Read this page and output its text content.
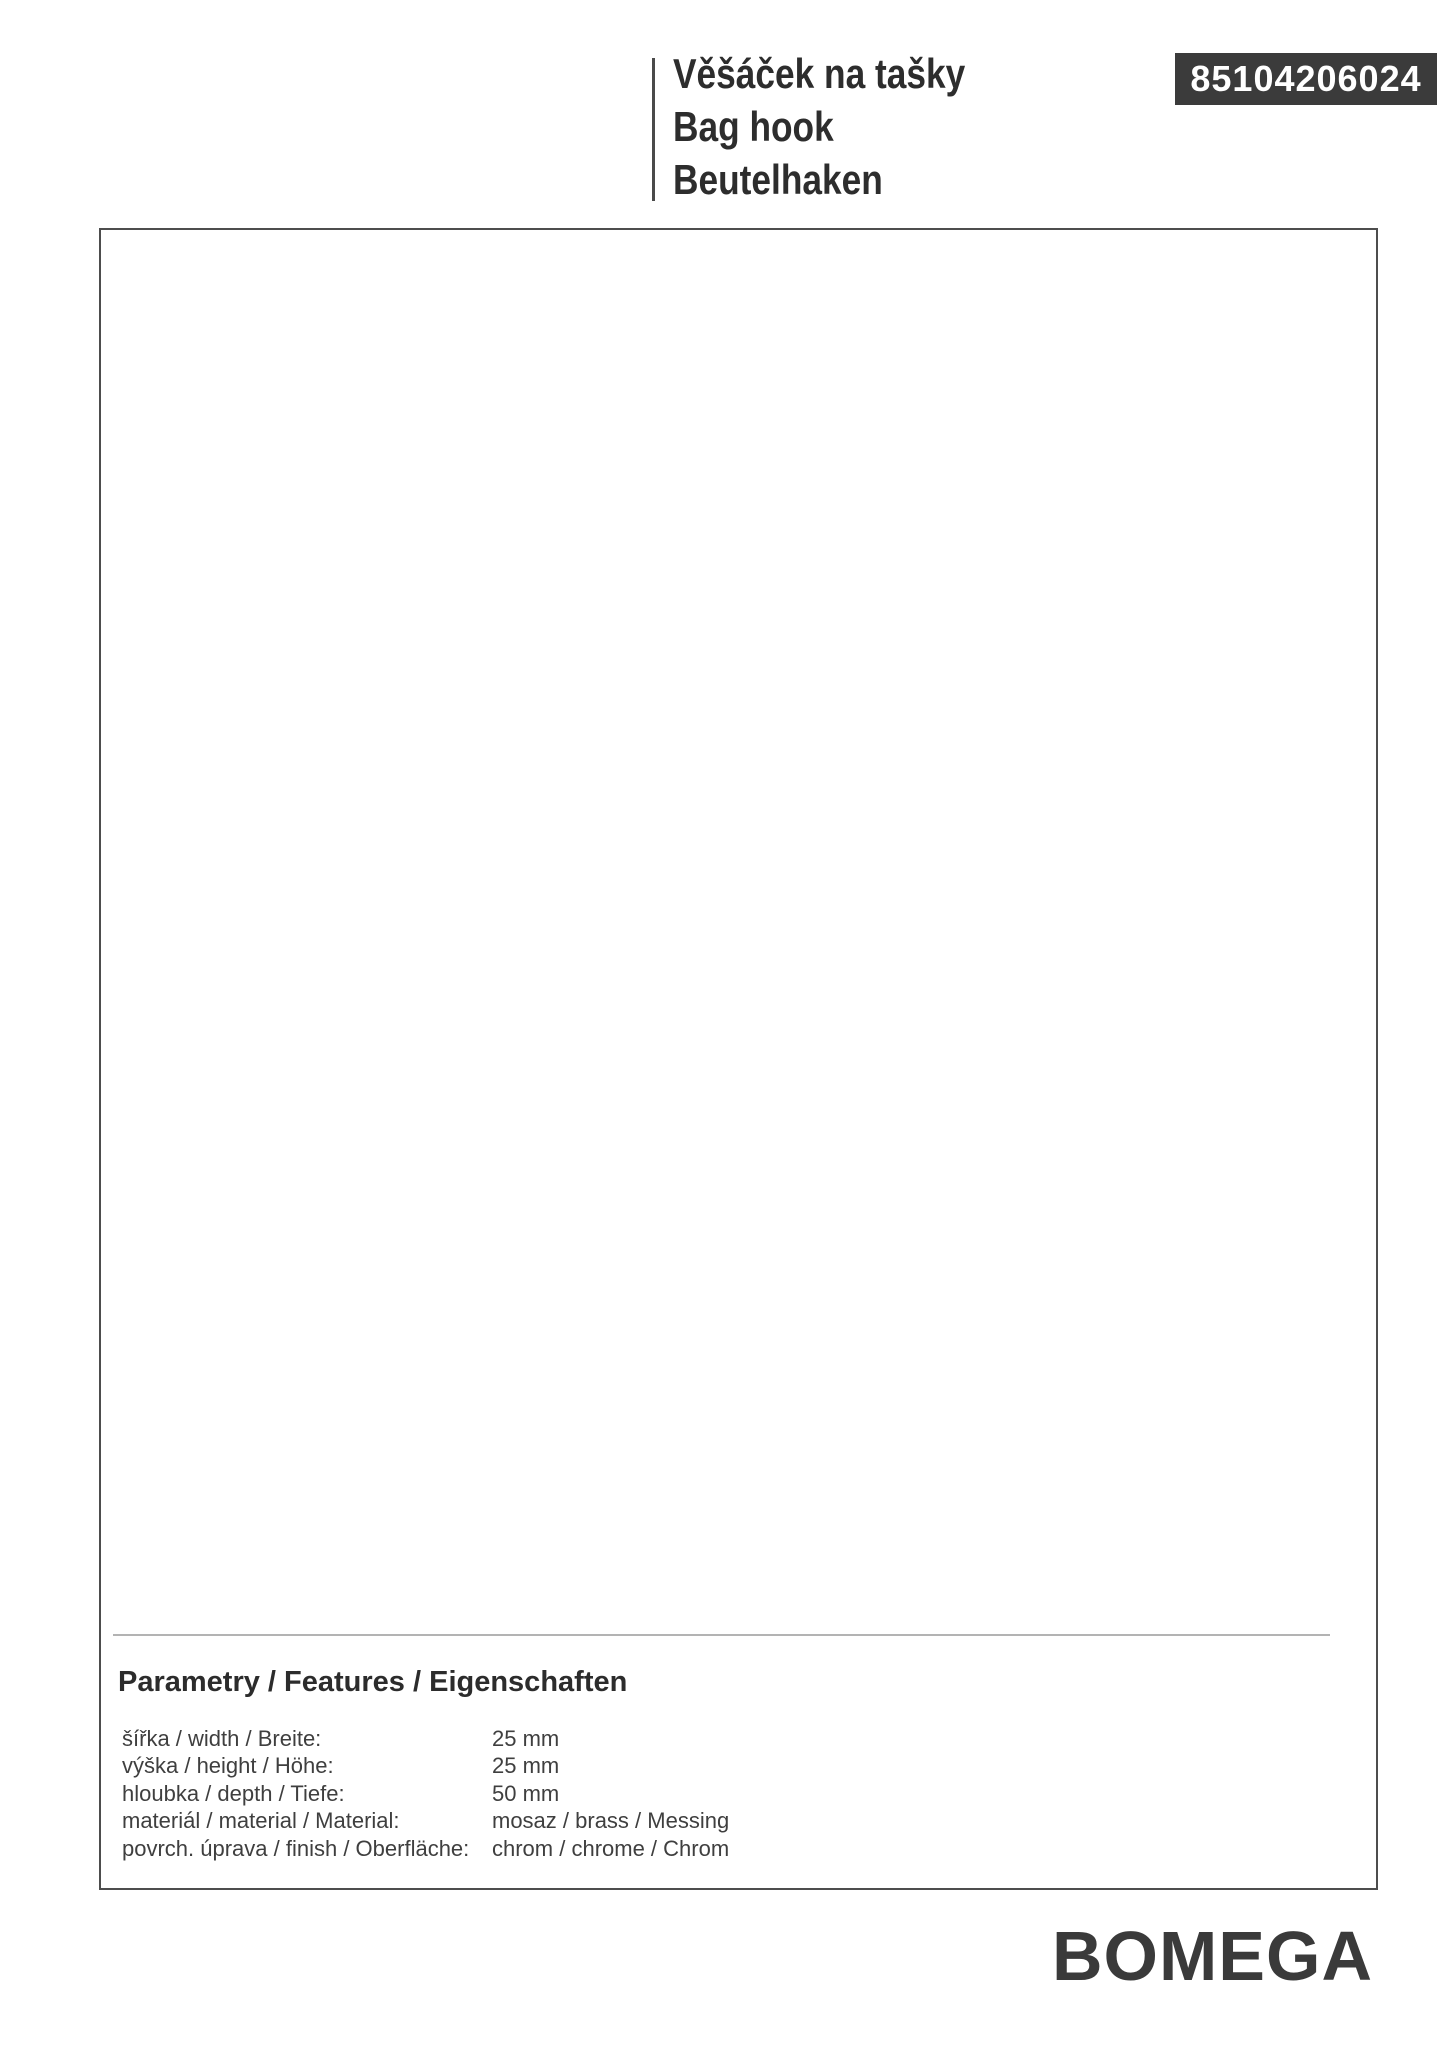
Věšáček na tašky
Bag hook
Beutelhaken
85104206024
Parametry / Features / Eigenschaften
šířka / width / Breite:	25 mm
výška / height / Höhe:	25 mm
hloubka / depth / Tiefe:	50 mm
materiál / material / Material:	mosaz / brass / Messing
povrch. úprava / finish / Oberfläche:	chrom / chrome / Chrom
BOMEGA
